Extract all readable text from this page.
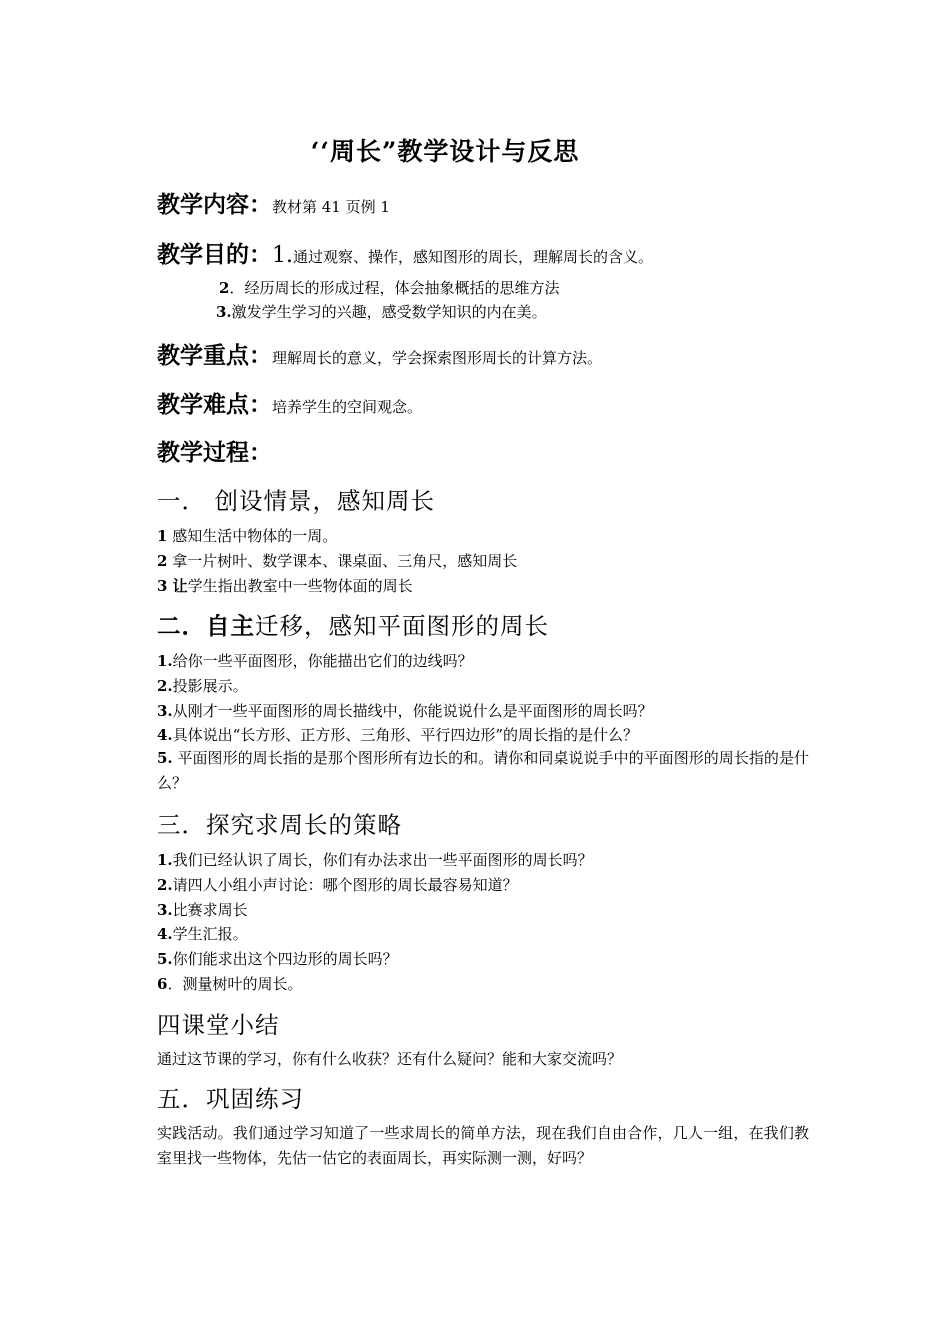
‘‘周长”教学设计与反思
教学内容：教材第 41 页例 1
教学目的：1.通过观察、操作，感知图形的周长，理解周长的含义。
2．经历周长的形成过程，体会抽象概括的思维方法
3.激发学生学习的兴趣，感受数学知识的内在美。
教学重点：理解周长的意义，学会探索图形周长的计算方法。
教学难点：培养学生的空间观念。
教学过程：
一． 创设情景，感知周长
1 感知生活中物体的一周。
2 拿一片树叶、数学课本、课桌面、三角尺，感知周长
3 让学生指出教室中一些物体面的周长
二．自主迁移，感知平面图形的周长
1.给你一些平面图形，你能描出它们的边线吗？
2.投影展示。
3.从刚才一些平面图形的周长描线中，你能说说什么是平面图形的周长吗？
4.具体说出“长方形、正方形、三角形、平行四边形”的周长指的是什么？
5. 平面图形的周长指的是那个图形所有边长的和。请你和同桌说说手中的平面图形的周长指的是什么？
三．探究求周长的策略
1.我们已经认识了周长，你们有办法求出一些平面图形的周长吗？
2.请四人小组小声讨论：哪个图形的周长最容易知道？
3.比赛求周长
4.学生汇报。
5.你们能求出这个四边形的周长吗？
6．测量树叶的周长。
四课堂小结
通过这节课的学习，你有什么收获？还有什么疑问？能和大家交流吗？
五．巩固练习
实践活动。我们通过学习知道了一些求周长的简单方法，现在我们自由合作，几人一组，在我们教室里找一些物体，先估一估它的表面周长，再实际测一测，好吗？
